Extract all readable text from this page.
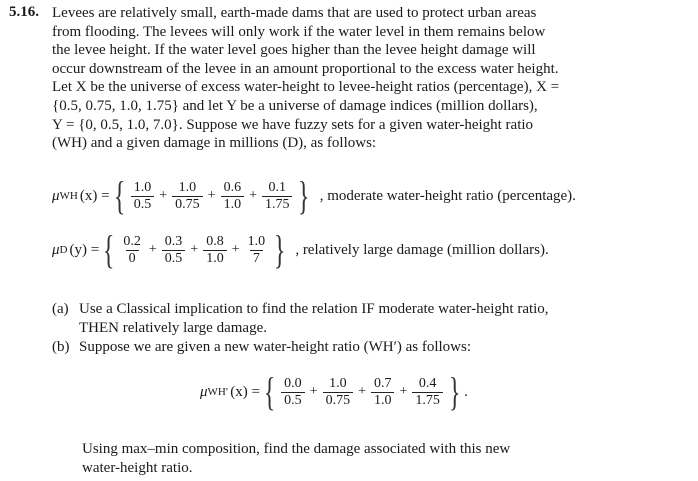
5.16. Levees are relatively small, earth-made dams that are used to protect urban areas
from flooding. The levees will only work if the water level in them remains below
the levee height. If the water level goes higher than the levee height damage will
occur downstream of the levee in an amount proportional to the excess water height.
Let X be the universe of excess water-height to levee-height ratios (percentage), X =
{0.5, 0.75, 1.0, 1.75} and let Y be a universe of damage indices (million dollars),
Y = {0, 0.5, 1.0, 7.0}. Suppose we have fuzzy sets for a given water-height ratio
(WH) and a given damage in millions (D), as follows:
μ WH (x) = { $\frac{1.0}{0.5} + \frac{1.0}{0.75} + \frac{0.6}{1.0} + \frac{0.1}{1.75}$ } , moderate water-height ratio (percentage).
μ D (y) = { $\frac{0.2}{0} + \frac{0.3}{0.5} + \frac{0.8}{1.0} + \frac{1.0}{7}$ } , relatively large damage (million dollars).
(a) Use a Classical implication to find the relation IF moderate water-height ratio,
THEN relatively large damage.
(b) Suppose we are given a new water-height ratio (WH′) as follows:
μ WH′ (x) = { $\frac{0.0}{0.5} + \frac{1.0}{0.75} + \frac{0.7}{1.0} + \frac{0.4}{1.75}$ } .
Using max–min composition, find the damage associated with this new
water-height ratio.
